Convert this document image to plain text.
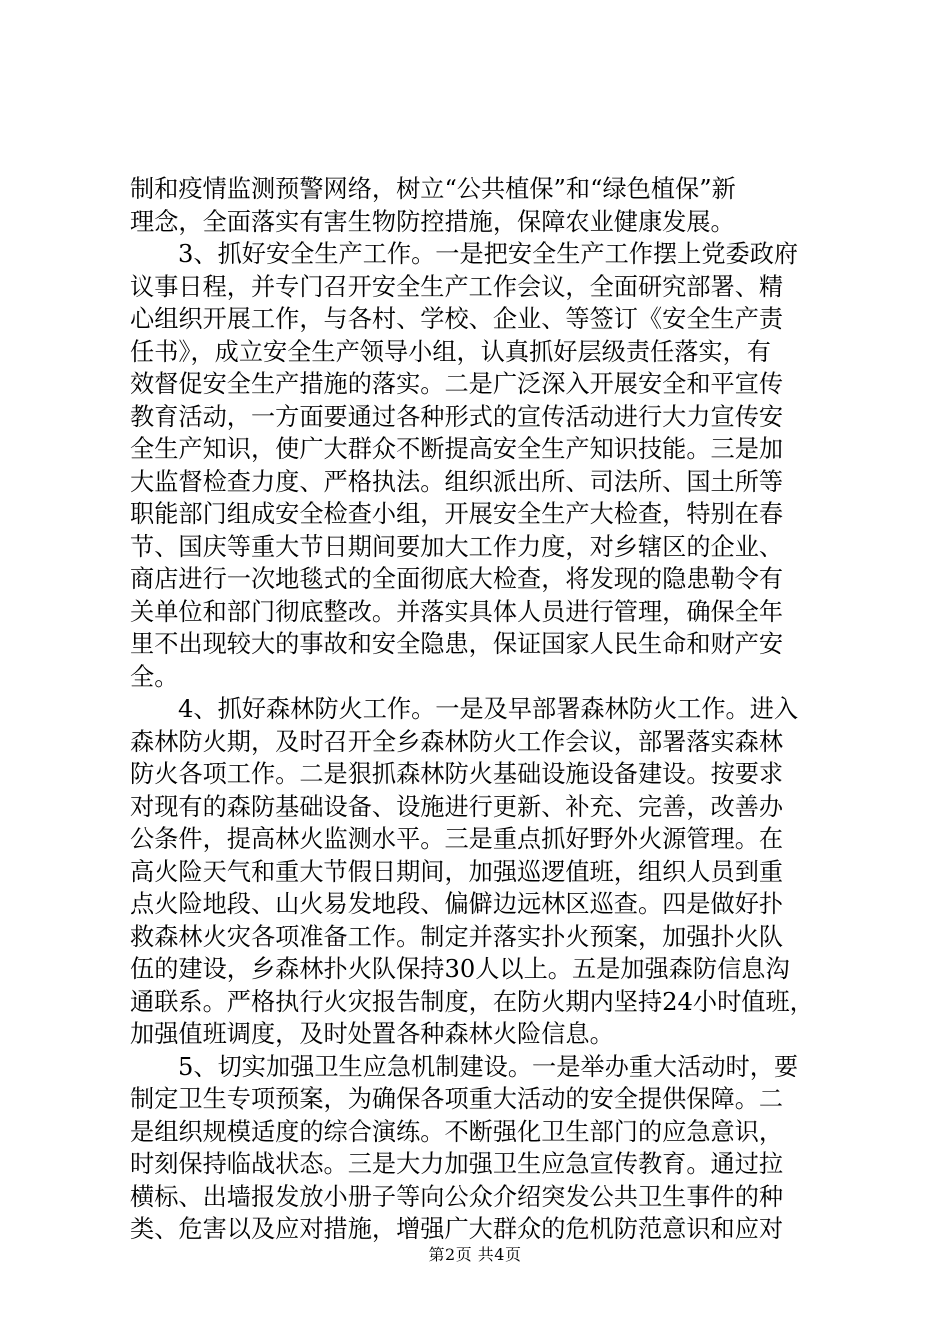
制和疫情监测预警网络，树立“公共植保”和“绿色植保”新
理念，全面落实有害生物防控措施，保障农业健康发展。
3、抓好安全生产工作。一是把安全生产工作摆上党委政府
议事日程，并专门召开安全生产工作会议，全面研究部署、精
心组织开展工作，与各村、学校、企业、等签订《安全生产责
任书》，成立安全生产领导小组，认真抓好层级责任落实，有
效督促安全生产措施的落实。二是广泛深入开展安全和平宣传
教育活动，一方面要通过各种形式的宣传活动进行大力宣传安
全生产知识，使广大群众不断提高安全生产知识技能。三是加
大监督检查力度、严格执法。组织派出所、司法所、国土所等
职能部门组成安全检查小组，开展安全生产大检查，特别在春
节、国庆等重大节日期间要加大工作力度，对乡辖区的企业、
商店进行一次地毯式的全面彻底大检查，将发现的隐患勒令有
关单位和部门彻底整改。并落实具体人员进行管理，确保全年
里不出现较大的事故和安全隐患，保证国家人民生命和财产安
全。
4、抓好森林防火工作。一是及早部署森林防火工作。进入
森林防火期，及时召开全乡森林防火工作会议，部署落实森林
防火各项工作。二是狠抓森林防火基础设施设备建设。按要求
对现有的森防基础设备、设施进行更新、补充、完善，改善办
公条件，提高林火监测水平。三是重点抓好野外火源管理。在
高火险天气和重大节假日期间，加强巡逻值班，组织人员到重
点火险地段、山火易发地段、偏僻边远林区巡查。四是做好扑
救森林火灾各项准备工作。制定并落实扑火预案，加强扑火队
伍的建设，乡森林扑火队保持30人以上。五是加强森防信息沟
通联系。严格执行火灾报告制度，在防火期内坚持24小时值班，
加强值班调度，及时处置各种森林火险信息。
5、切实加强卫生应急机制建设。一是举办重大活动时，要
制定卫生专项预案，为确保各项重大活动的安全提供保障。二
是组织规模适度的综合演练。不断强化卫生部门的应急意识，
时刻保持临战状态。三是大力加强卫生应急宣传教育。通过拉
横标、出墙报发放小册子等向公众介绍突发公共卫生事件的种
类、危害以及应对措施，增强广大群众的危机防范意识和应对
第2页 共4页
